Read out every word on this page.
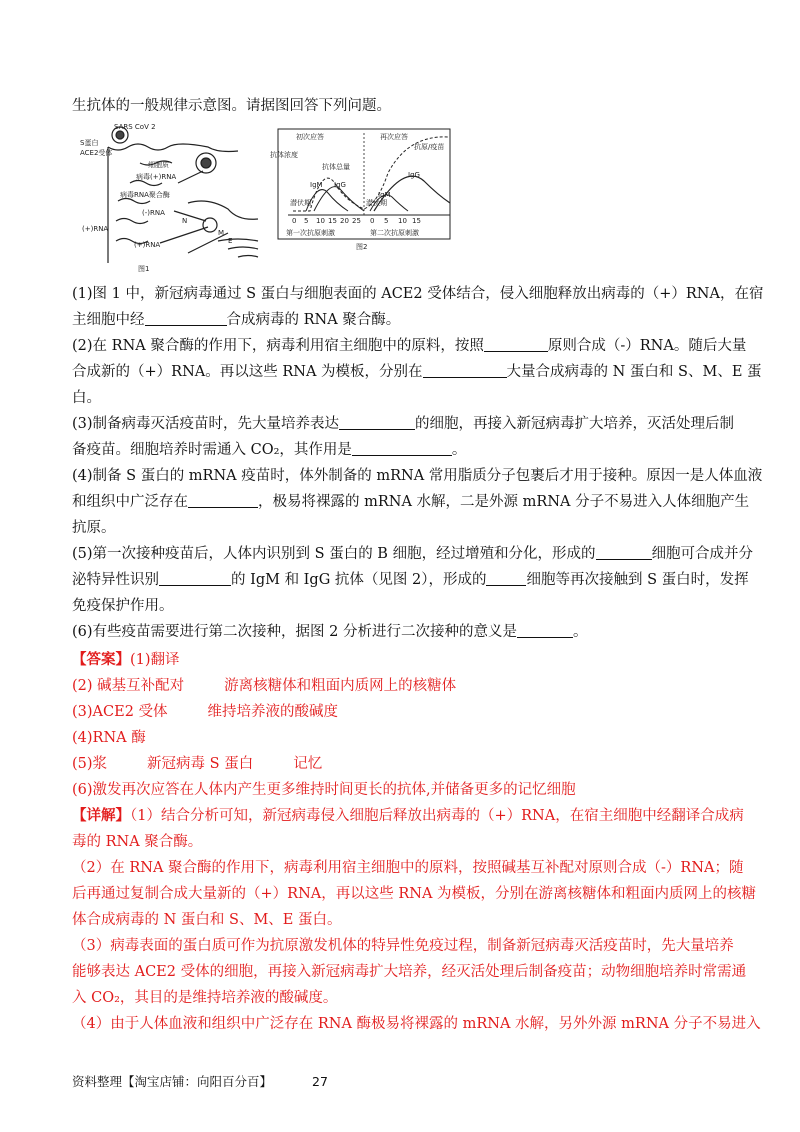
生抗体的一般规律示意图。请据图回答下列问题。
SARS CoV 2
S蛋白
ACE2受体
细胞质
病毒(+)RNA
病毒RNA聚合酶
(-)RNA
(+)RNA
(+)RNA
N
M
E
图1
抗体浓度
初次应答	再次应答
抗体总量
IgM IgG
IgM
IgG
潜伏期	潜伏期
抗原/疫苗
0 5 10 15 20 25 0 5 10 15
第一次抗原刺激	第二次抗原刺激
图2
(1)图 1 中，新冠病毒通过 S 蛋白与细胞表面的 ACE2 受体结合，侵入细胞释放出病毒的（+）RNA，在宿
主细胞中经	合成病毒的 RNA 聚合酶。
(2)在 RNA 聚合酶的作用下，病毒利用宿主细胞中的原料，按照	原则合成（-）RNA。随后大量
合成新的（+）RNA。再以这些 RNA 为模板，分别在	大量合成病毒的 N 蛋白和 S、M、E 蛋
白。
(3)制备病毒灭活疫苗时，先大量培养表达	的细胞，再接入新冠病毒扩大培养，灭活处理后制
备疫苗。细胞培养时需通入 CO₂，其作用是	。
(4)制备 S 蛋白的 mRNA 疫苗时，体外制备的 mRNA 常用脂质分子包裹后才用于接种。原因一是人体血液
和组织中广泛存在	，极易将裸露的 mRNA 水解，二是外源 mRNA 分子不易进入人体细胞产生
抗原。
(5)第一次接种疫苗后，人体内识别到 S 蛋白的 B 细胞，经过增殖和分化，形成的	细胞可合成并分
泌特异性识别	的 IgM 和 IgG 抗体（见图 2），形成的	细胞等再次接触到 S 蛋白时，发挥
免疫保护作用。
(6)有些疫苗需要进行第二次接种，据图 2 分析进行二次接种的意义是	。
【答案】(1)翻译
(2) 碱基互补配对	游离核糖体和粗面内质网上的核糖体
(3)ACE2 受体	维持培养液的酸碱度
(4)RNA 酶
(5)浆	新冠病毒 S 蛋白	记忆
(6)激发再次应答在人体内产生更多维持时间更长的抗体,并储备更多的记忆细胞
【详解】（1）结合分析可知，新冠病毒侵入细胞后释放出病毒的（+）RNA，在宿主细胞中经翻译合成病
毒的 RNA 聚合酶。
（2）在 RNA 聚合酶的作用下，病毒利用宿主细胞中的原料，按照碱基互补配对原则合成（-）RNA；随
后再通过复制合成大量新的（+）RNA，再以这些 RNA 为模板，分别在游离核糖体和粗面内质网上的核糖
体合成病毒的 N 蛋白和 S、M、E 蛋白。
（3）病毒表面的蛋白质可作为抗原激发机体的特异性免疫过程，制备新冠病毒灭活疫苗时，先大量培养
能够表达 ACE2 受体的细胞，再接入新冠病毒扩大培养，经灭活处理后制备疫苗；动物细胞培养时常需通
入 CO₂，其目的是维持培养液的酸碱度。
（4）由于人体血液和组织中广泛存在 RNA 酶极易将裸露的 mRNA 水解，另外外源 mRNA 分子不易进入
资料整理【淘宝店铺：向阳百分百】	27
